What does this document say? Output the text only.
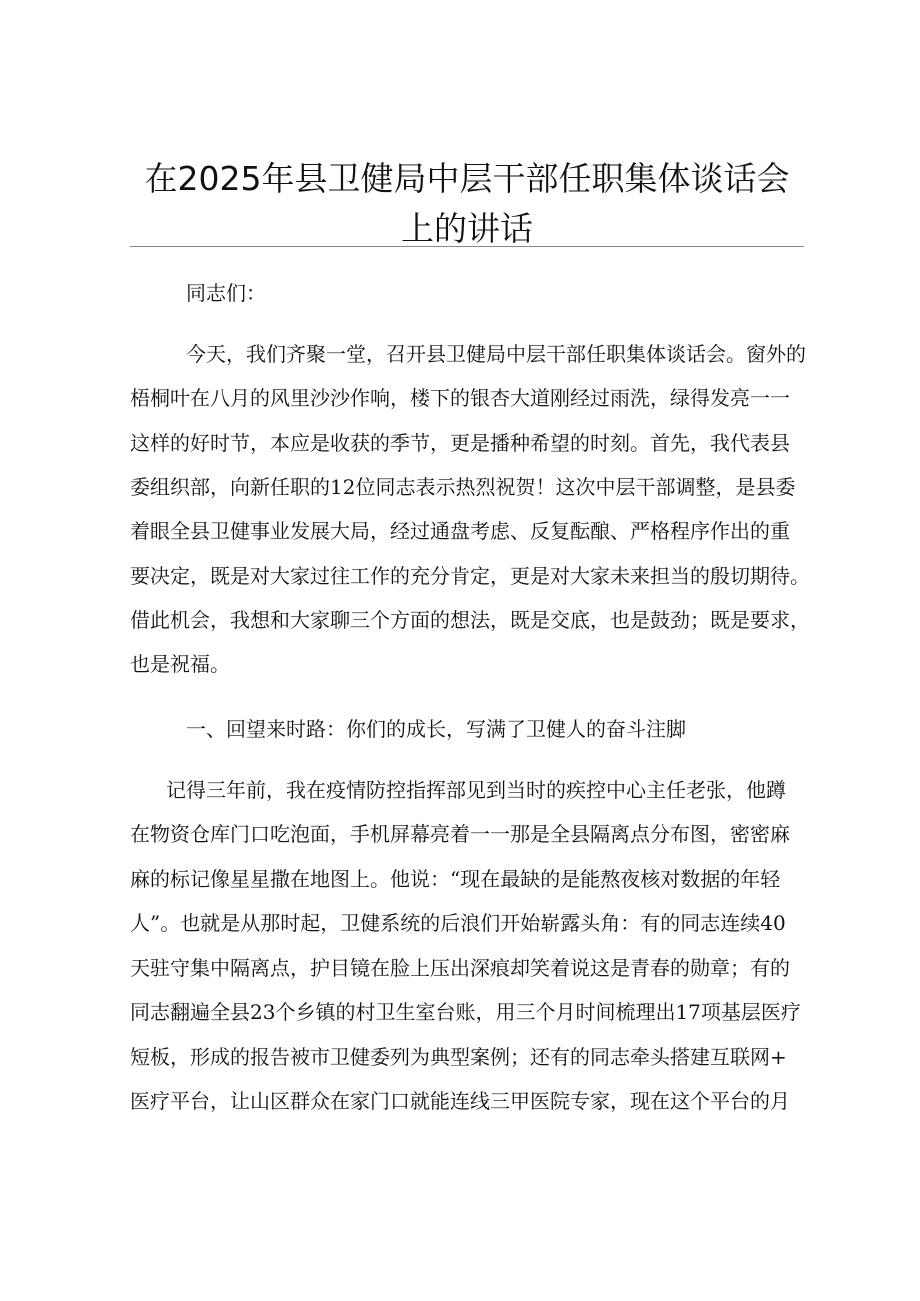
在2025年县卫健局中层干部任职集体谈话会
上的讲话
同志们：
今天，我们齐聚一堂，召开县卫健局中层干部任职集体谈话会。窗外的
梧桐叶在八月的风里沙沙作响，楼下的银杏大道刚经过雨洗，绿得发亮一一
这样的好时节，本应是收获的季节，更是播种希望的时刻。首先，我代表县
委组织部，向新任职的12位同志表示热烈祝贺！这次中层干部调整，是县委
着眼全县卫健事业发展大局，经过通盘考虑、反复酝酿、严格程序作出的重
要决定，既是对大家过往工作的充分肯定，更是对大家未来担当的殷切期待。
借此机会，我想和大家聊三个方面的想法，既是交底，也是鼓劲；既是要求，
也是祝福。
一、回望来时路：你们的成长，写满了卫健人的奋斗注脚
记得三年前，我在疫情防控指挥部见到当时的疾控中心主任老张，他蹲
在物资仓库门口吃泡面，手机屏幕亮着一一那是全县隔离点分布图，密密麻
麻的标记像星星撒在地图上。他说：“现在最缺的是能熬夜核对数据的年轻
人”。也就是从那时起，卫健系统的后浪们开始崭露头角：有的同志连续40
天驻守集中隔离点，护目镜在脸上压出深痕却笑着说这是青春的勋章；有的
同志翻遍全县23个乡镇的村卫生室台账，用三个月时间梳理出17项基层医疗
短板，形成的报告被市卫健委列为典型案例；还有的同志牵头搭建互联网+
医疗平台，让山区群众在家门口就能连线三甲医院专家，现在这个平台的月
